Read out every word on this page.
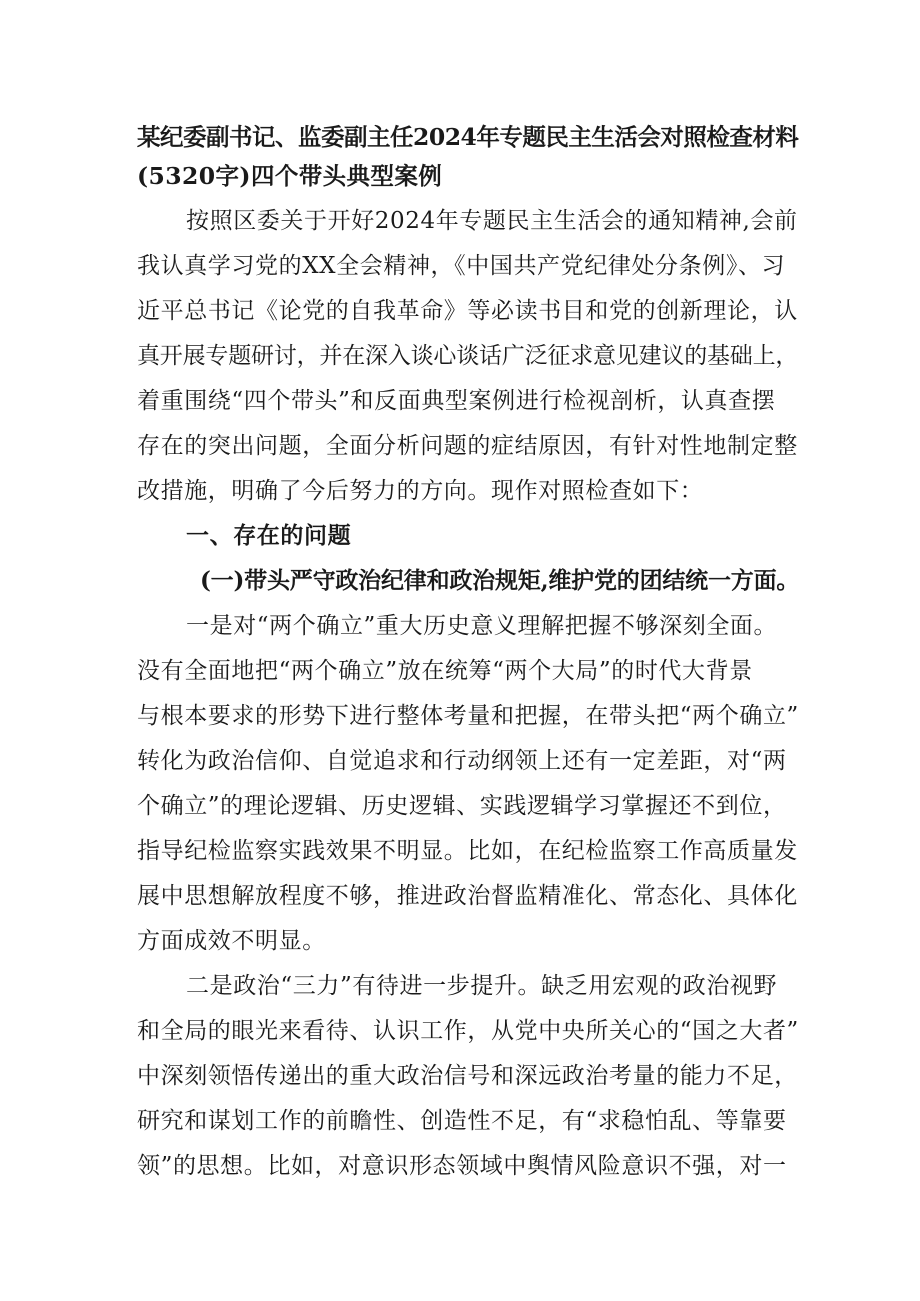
某纪委副书记、监委副主任2024年专题民主生活会对照检查材料
(5320字)四个带头典型案例
按照区委关于开好2024年专题民主生活会的通知精神,会前
我认真学习党的XX全会精神，《中国共产党纪律处分条例》、习
近平总书记《论党的自我革命》等必读书目和党的创新理论，认
真开展专题研讨，并在深入谈心谈话广泛征求意见建议的基础上，
着重围绕“四个带头”和反面典型案例进行检视剖析，认真查摆
存在的突出问题，全面分析问题的症结原因，有针对性地制定整
改措施，明确了今后努力的方向。现作对照检查如下：
一、存在的问题
(一)带头严守政治纪律和政治规矩,维护党的团结统一方面。
一是对“两个确立”重大历史意义理解把握不够深刻全面。
没有全面地把“两个确立”放在统筹“两个大局”的时代大背景
与根本要求的形势下进行整体考量和把握，在带头把“两个确立”
转化为政治信仰、自觉追求和行动纲领上还有一定差距，对“两
个确立”的理论逻辑、历史逻辑、实践逻辑学习掌握还不到位，
指导纪检监察实践效果不明显。比如，在纪检监察工作高质量发
展中思想解放程度不够，推进政治督监精准化、常态化、具体化
方面成效不明显。
二是政治“三力”有待进一步提升。缺乏用宏观的政治视野
和全局的眼光来看待、认识工作，从党中央所关心的“国之大者”
中深刻领悟传递出的重大政治信号和深远政治考量的能力不足，
研究和谋划工作的前瞻性、创造性不足，有“求稳怕乱、等靠要
领”的思想。比如，对意识形态领域中舆情风险意识不强，对一
